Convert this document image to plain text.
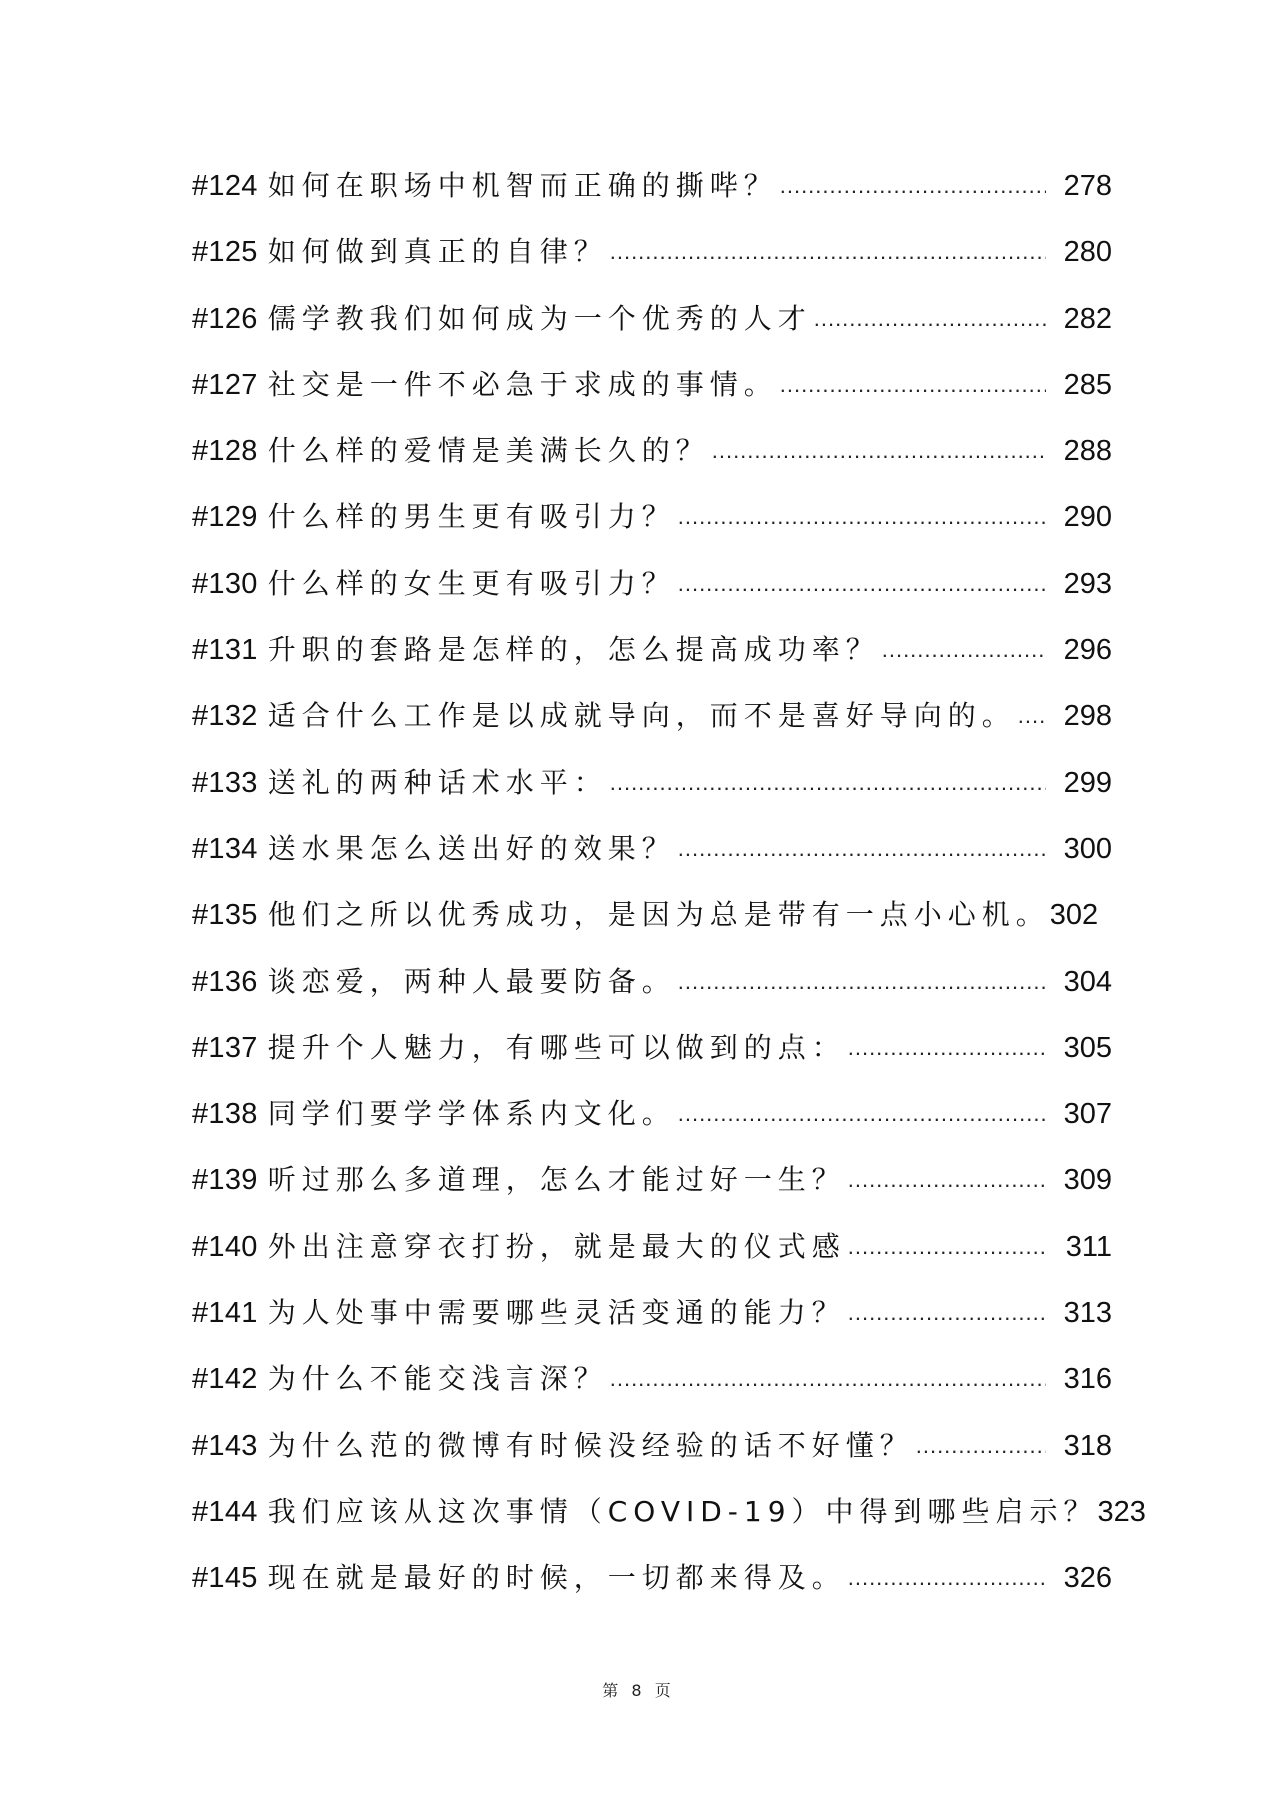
#124 如何在职场中机智而正确的撕哔？ .....	278
#125 如何做到真正的自律？ .....	280
#126 儒学教我们如何成为一个优秀的人才 .....	282
#127 社交是一件不必急于求成的事情。 .....	285
#128 什么样的爱情是美满长久的？ .....	288
#129 什么样的男生更有吸引力？ .....	290
#130 什么样的女生更有吸引力？ .....	293
#131 升职的套路是怎样的，怎么提高成功率？ .....	296
#132 适合什么工作是以成就导向，而不是喜好导向的。 .....	298
#133 送礼的两种话术水平： .....	299
#134 送水果怎么送出好的效果？ .....	300
#135 他们之所以优秀成功，是因为总是带有一点小心机。 302
#136 谈恋爱，两种人最要防备。 .....	304
#137 提升个人魅力，有哪些可以做到的点： .....	305
#138 同学们要学学体系内文化。 .....	307
#139 听过那么多道理，怎么才能过好一生？ .....	309
#140 外出注意穿衣打扮，就是最大的仪式感 .....	311
#141 为人处事中需要哪些灵活变通的能力？ .....	313
#142 为什么不能交浅言深？ .....	316
#143 为什么范的微博有时候没经验的话不好懂？ .....	318
#144 我们应该从这次事情（COVID-19）中得到哪些启示？ 323
#145 现在就是最好的时候，一切都来得及。 .....	326
第 8 页
